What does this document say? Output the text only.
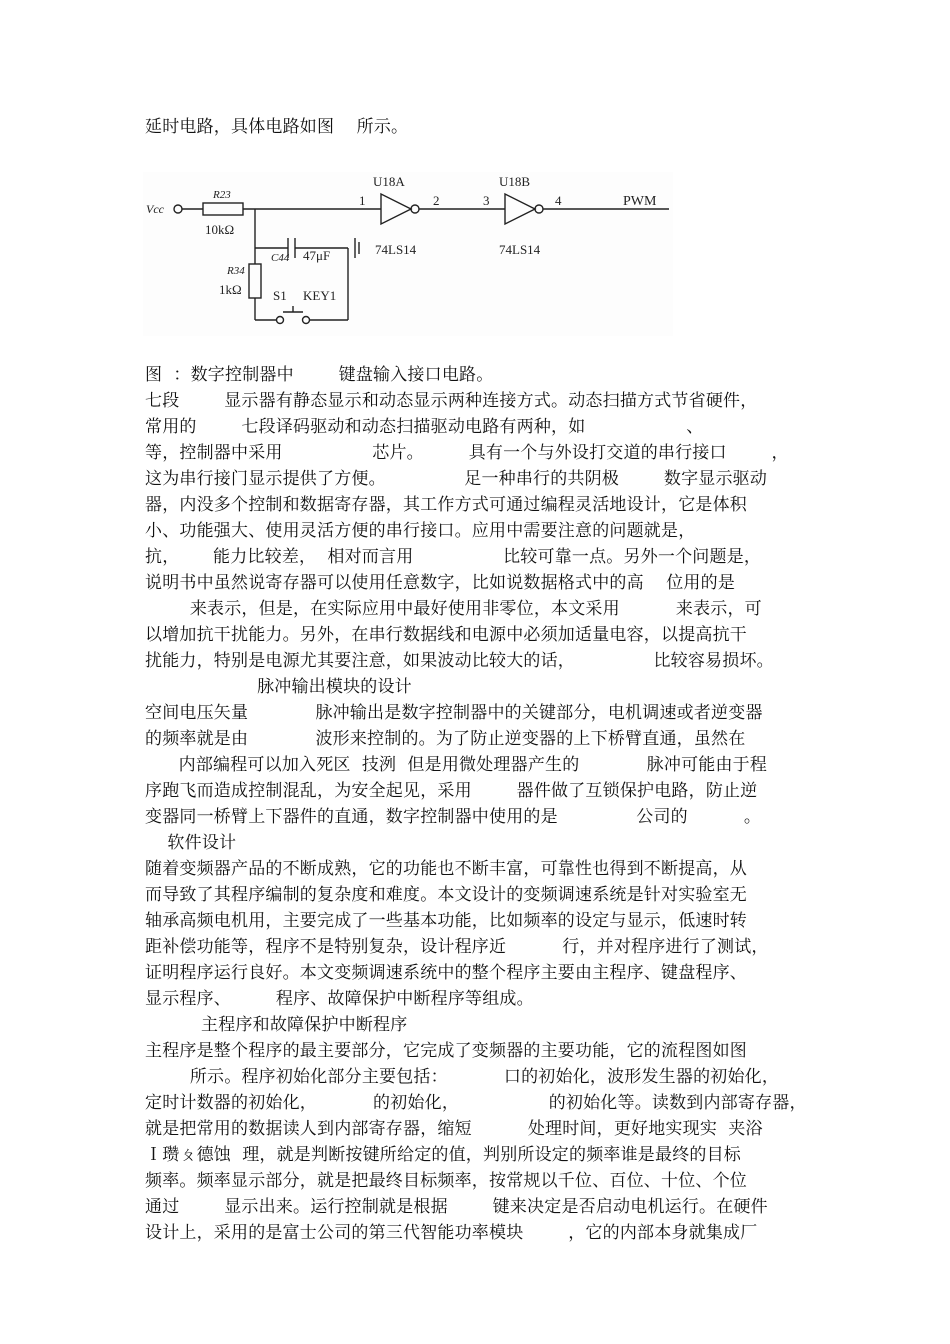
延时电路，具体电路如图    所示。
Vcc
R23
10kΩ
U18A	U18B
1	2	3	4	PWM
C44 47μF
R34
1kΩ S1 KEY1
74LS14	74LS14
图  ：数字控制器中        键盘输入接口电路。
七段        显示器有静态显示和动态显示两种连接方式。动态扫描方式节省硬件，
常用的        七段译码驱动和动态扫描驱动电路有两种，如                  、
等，控制器中采用                芯片。        具有一个与外设打交道的串行接口        ，
这为串行接门显示提供了方便。              足一种串行的共阴极        数字显示驱动
器，内没多个控制和数据寄存器，其工作方式可通过编程灵活地设计，它是体积
小、功能强大、使用灵活方便的串行接口。应用中需要注意的问题就是，
抗，      能力比较差，  相对而言用                比较可靠一点。另外一个问题是，
说明书中虽然说寄存器可以使用任意数字，比如说数据格式中的高    位用的是
来表示，但是，在实际应用中最好使用非零位，本文采用          来表示，可
以增加抗干扰能力。另外，在串行数据线和电源中必须加适量电容，以提高抗干
扰能力，特别是电源尤其要注意，如果波动比较大的话，              比较容易损坏。
脉冲输出模块的设计
空间电压矢量            脉冲输出是数字控制器中的关键部分，电机调速或者逆变器
的频率就是由            波形来控制的。为了防止逆变器的上下桥臂直通，虽然在
内部编程可以加入死区  技洌  但是用微处理器产生的            脉冲可能由于程
序跑飞而造成控制混乱，为安全起见，采用        器件做了互锁保护电路，防止逆
变器同一桥臂上下器件的直通，数字控制器中使用的是              公司的          。
软件设计
随着变频器产品的不断成熟，它的功能也不断丰富，可靠性也得到不断提高，从
而导致了其程序编制的复杂度和难度。本文设计的变频调速系统是针对实验室无
轴承高频电机用，主要完成了一些基本功能，比如频率的设定与显示，低速时转
距补偿功能等，程序不是特别复杂，设计程序近          行，并对程序进行了测试，
证明程序运行良好。本文变频调速系统中的整个程序主要由主程序、键盘程序、
显示程序、        程序、故障保护中断程序等组成。
主程序和故障保护中断程序
主程序是整个程序的最主要部分，它完成了变频器的主要功能，它的流程图如图
所示。程序初始化部分主要包括：          口的初始化，波形发生器的初始化，
定时计数器的初始化，          的初始化，                的初始化等。读数到内部寄存器，
就是把常用的数据读人到内部寄存器，缩短          处理时间，更好地实现实  夹浴
Ｉ瓒ㄆ德蚀  理，就是判断按键所给定的值，判别所设定的频率谁是最终的目标
频率。频率显示部分，就是把最终目标频率，按常规以千位、百位、十位、个位
通过        显示出来。运行控制就是根据        键来决定是否启动电机运行。在硬件
设计上，采用的是富士公司的第三代智能功率模块        ，它的内部本身就集成厂
